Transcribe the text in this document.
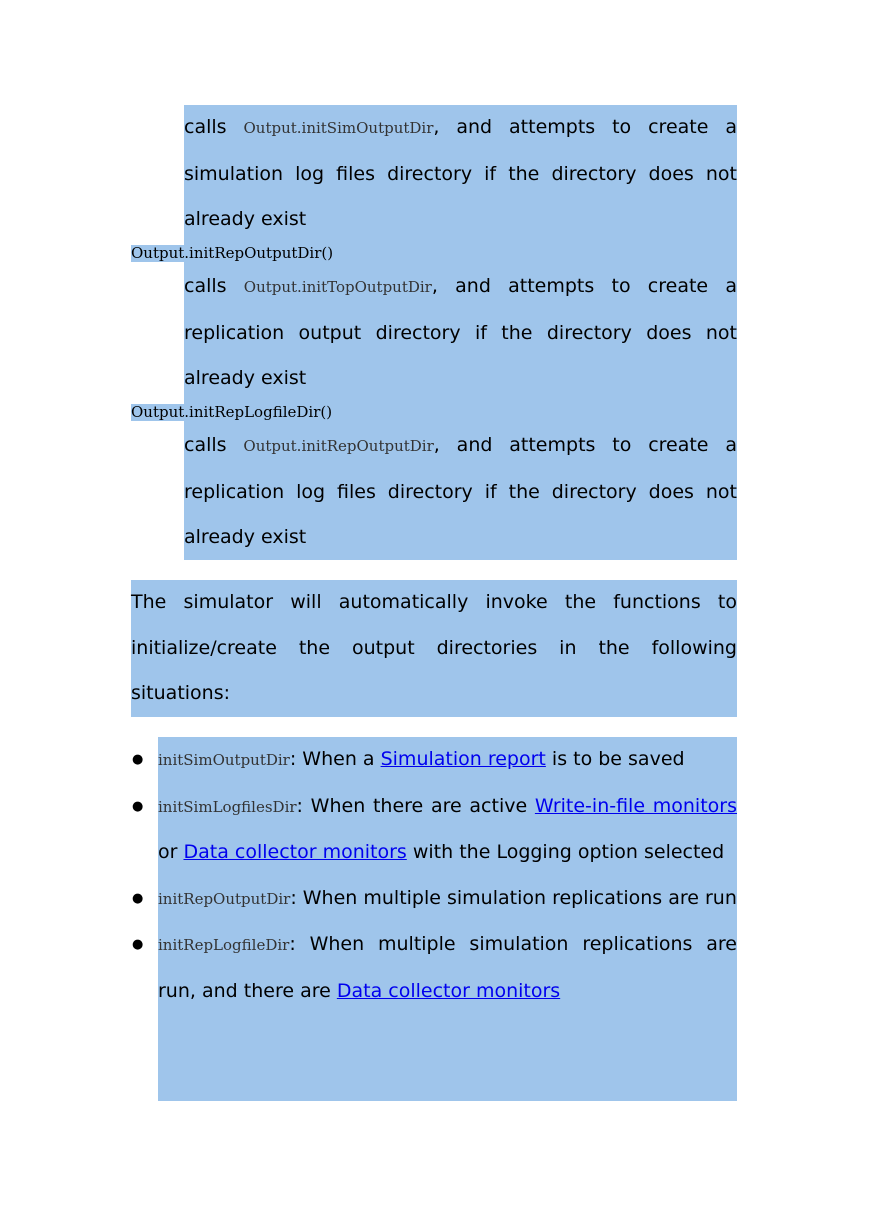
calls Output.initSimOutputDir, and attempts to create a simulation log files directory if the directory does not already exist
Output.initRepOutputDir()
calls Output.initTopOutputDir, and attempts to create a replication output directory if the directory does not already exist
Output.initRepLogfileDir()
calls Output.initRepOutputDir, and attempts to create a replication log files directory if the directory does not already exist

The simulator will automatically invoke the functions to initialize/create the output directories in the following situations:

● initSimOutputDir: When a Simulation report is to be saved
● initSimLogfilesDir: When there are active Write-in-file monitors or Data collector monitors with the Logging option selected
● initRepOutputDir: When multiple simulation replications are run
● initRepLogfileDir: When multiple simulation replications are run, and there are Data collector monitors
